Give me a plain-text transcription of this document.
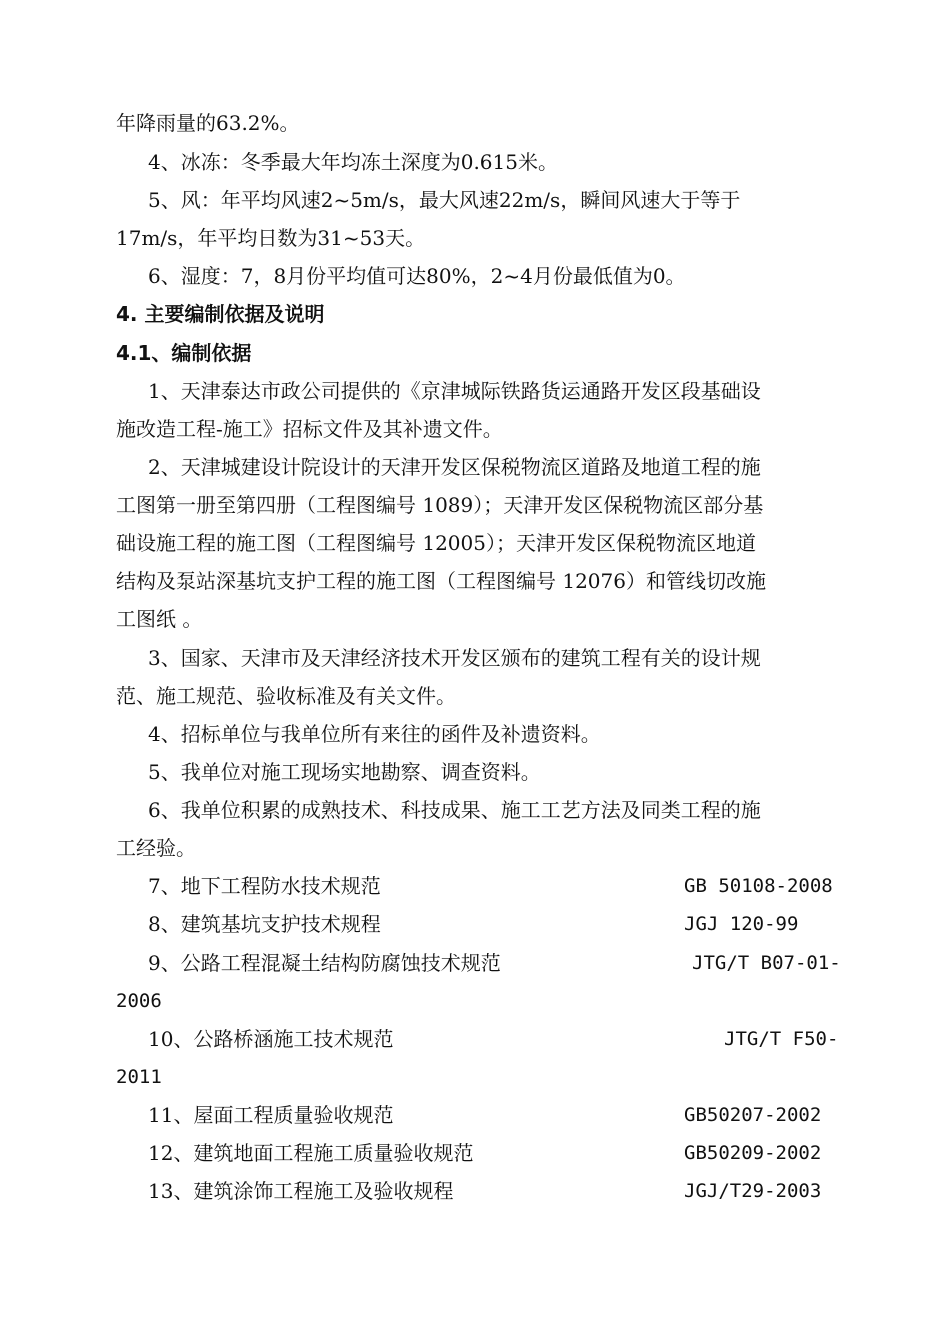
年降雨量的63.2%。
4、冰冻：冬季最大年均冻土深度为0.615米。
5、风：年平均风速2~5m/s，最大风速22m/s，瞬间风速大于等于
17m/s，年平均日数为31~53天。
6、湿度：7，8月份平均值可达80%，2~4月份最低值为0。
4. 主要编制依据及说明
4.1、编制依据
1、天津泰达市政公司提供的《京津城际铁路货运通路开发区段基础设
施改造工程-施工》招标文件及其补遗文件。
2、天津城建设计院设计的天津开发区保税物流区道路及地道工程的施
工图第一册至第四册（工程图编号 1089）；天津开发区保税物流区部分基
础设施工程的施工图（工程图编号 12005）；天津开发区保税物流区地道
结构及泵站深基坑支护工程的施工图（工程图编号 12076）和管线切改施
工图纸 。
3、国家、天津市及天津经济技术开发区颁布的建筑工程有关的设计规
范、施工规范、验收标准及有关文件。
4、招标单位与我单位所有来往的函件及补遗资料。
5、我单位对施工现场实地勘察、调查资料。
6、我单位积累的成熟技术、科技成果、施工工艺方法及同类工程的施
工经验。
7、地下工程防水技术规范	GB 50108-2008
8、建筑基坑支护技术规程	JGJ 120-99
9、公路工程混凝土结构防腐蚀技术规范	JTG/T B07-01-
2006
10、公路桥涵施工技术规范	JTG/T F50-
2011
11、屋面工程质量验收规范	GB50207-2002
12、建筑地面工程施工质量验收规范	GB50209-2002
13、建筑涂饰工程施工及验收规程	JGJ/T29-2003
